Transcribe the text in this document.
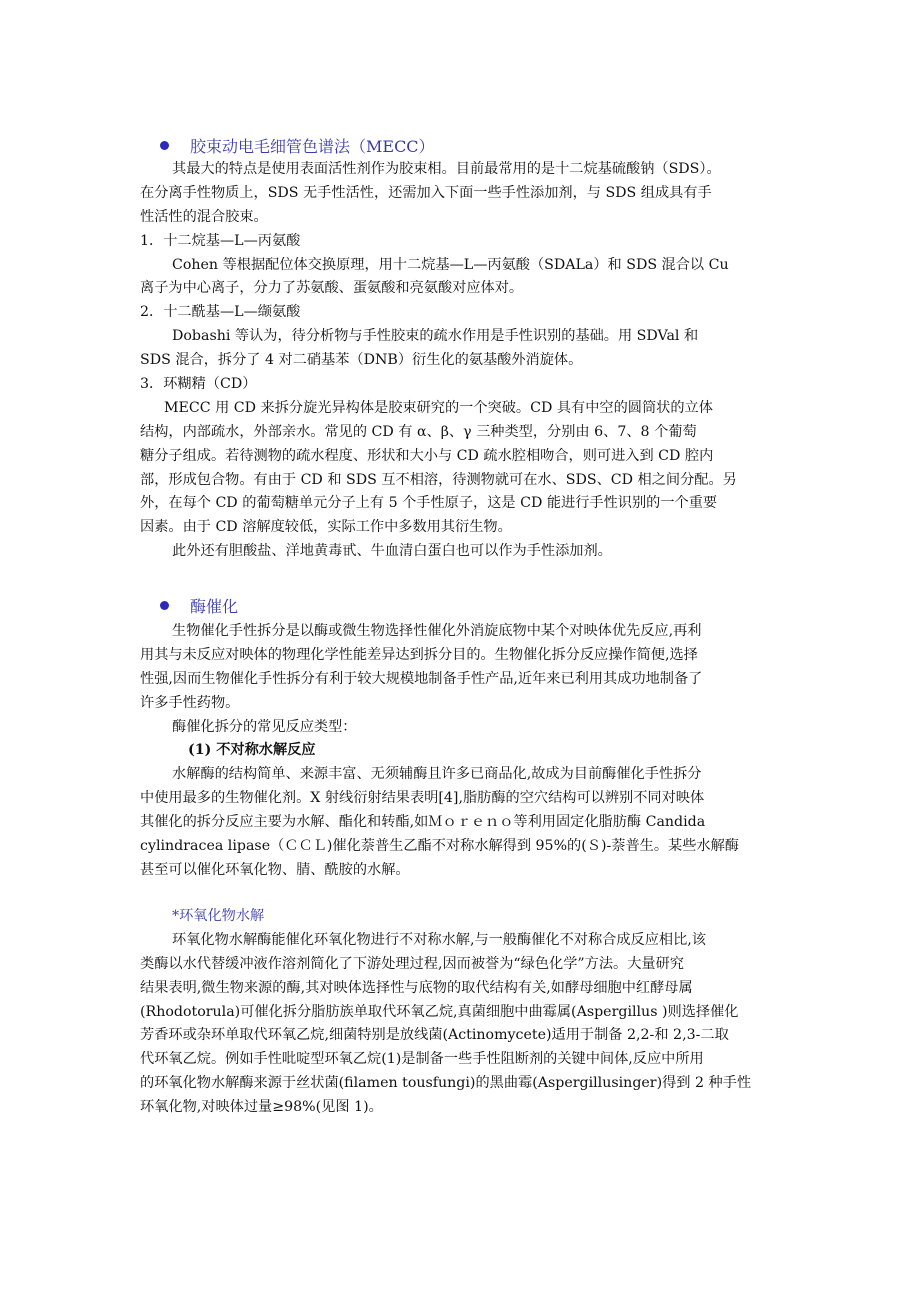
胶束动电毛细管色谱法（MECC）
其最大的特点是使用表面活性剂作为胶束相。目前最常用的是十二烷基硫酸钠（SDS）。
在分离手性物质上，SDS 无手性活性，还需加入下面一些手性添加剂，与 SDS 组成具有手
性活性的混合胶束。
1．十二烷基—L—丙氨酸
Cohen 等根据配位体交换原理，用十二烷基—L—丙氨酸（SDALa）和 SDS 混合以 Cu
离子为中心离子，分力了苏氨酸、蛋氨酸和亮氨酸对应体对。
2．十二酰基—L—缬氨酸
Dobashi 等认为，待分析物与手性胶束的疏水作用是手性识别的基础。用 SDVal 和
SDS 混合，拆分了 4 对二硝基苯（DNB）衍生化的氨基酸外消旋体。
3．环糊精（CD）
MECC 用 CD 来拆分旋光异构体是胶束研究的一个突破。CD 具有中空的圆筒状的立体
结构，内部疏水，外部亲水。常见的 CD 有 α、β、γ 三种类型，分别由 6、7、8 个葡萄
糖分子组成。若待测物的疏水程度、形状和大小与 CD 疏水腔相吻合，则可进入到 CD 腔内
部，形成包合物。有由于 CD 和 SDS 互不相溶，待测物就可在水、SDS、CD 相之间分配。另
外，在每个 CD 的葡萄糖单元分子上有 5 个手性原子，这是 CD 能进行手性识别的一个重要
因素。由于 CD 溶解度较低，实际工作中多数用其衍生物。
此外还有胆酸盐、洋地黄毒甙、牛血清白蛋白也可以作为手性添加剂。
酶催化
生物催化手性拆分是以酶或微生物选择性催化外消旋底物中某个对映体优先反应,再利
用其与未反应对映体的物理化学性能差异达到拆分目的。生物催化拆分反应操作简便,选择
性强,因而生物催化手性拆分有利于较大规模地制备手性产品,近年来已利用其成功地制备了
许多手性药物。
酶催化拆分的常见反应类型：
(1) 不对称水解反应
水解酶的结构简单、来源丰富、无须辅酶且许多已商品化,故成为目前酶催化手性拆分
中使用最多的生物催化剂。X 射线衍射结果表明[4],脂肪酶的空穴结构可以辨别不同对映体
其催化的拆分反应主要为水解、酯化和转酯,如Ｍｏｒｅｎｏ等利用固定化脂肪酶 Candida
cylindracea lipase（ＣＣＬ)催化萘普生乙酯不对称水解得到 95%的(Ｓ)-萘普生。某些水解酶
甚至可以催化环氧化物、腈、酰胺的水解。
*环氧化物水解
环氧化物水解酶能催化环氧化物进行不对称水解,与一般酶催化不对称合成反应相比,该
类酶以水代替缓冲液作溶剂简化了下游处理过程,因而被誉为“绿色化学”方法。大量研究
结果表明,微生物来源的酶,其对映体选择性与底物的取代结构有关,如酵母细胞中红酵母属
(Rhodotorula)可催化拆分脂肪族单取代环氧乙烷,真菌细胞中曲霉属(Aspergillus )则选择催化
芳香环或杂环单取代环氧乙烷,细菌特别是放线菌(Actinomycete)适用于制备 2,2-和 2,3-二取
代环氧乙烷。例如手性吡啶型环氧乙烷(1)是制备一些手性阻断剂的关键中间体,反应中所用
的环氧化物水解酶来源于丝状菌(filamen tousfungi)的黑曲霉(Aspergillusinger)得到 2 种手性
环氧化物,对映体过量≥98%(见图 1)。
